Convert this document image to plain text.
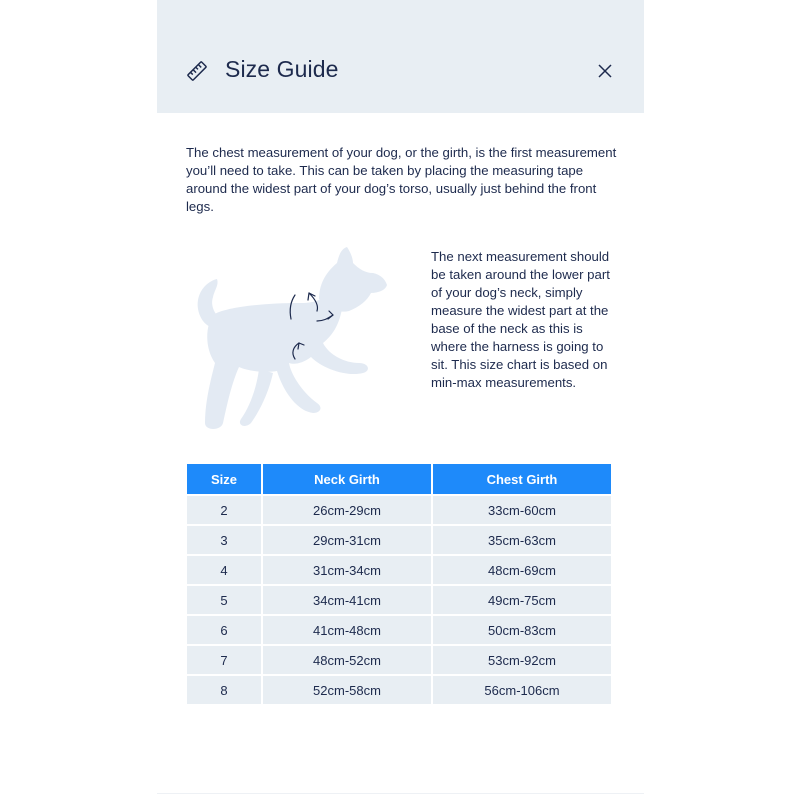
Size Guide

The chest measurement of your dog, or the girth, is the first measurement you’ll need to take. This can be taken by placing the measuring tape around the widest part of your dog’s torso, usually just behind the front legs.

The next measurement should be taken around the lower part of your dog’s neck, simply measure the widest part at the base of the neck as this is where the harness is going to sit. This size chart is based on min-max measurements.

Size	Neck Girth	Chest Girth
2	26cm-29cm	33cm-60cm
3	29cm-31cm	35cm-63cm
4	31cm-34cm	48cm-69cm
5	34cm-41cm	49cm-75cm
6	41cm-48cm	50cm-83cm
7	48cm-52cm	53cm-92cm
8	52cm-58cm	56cm-106cm
